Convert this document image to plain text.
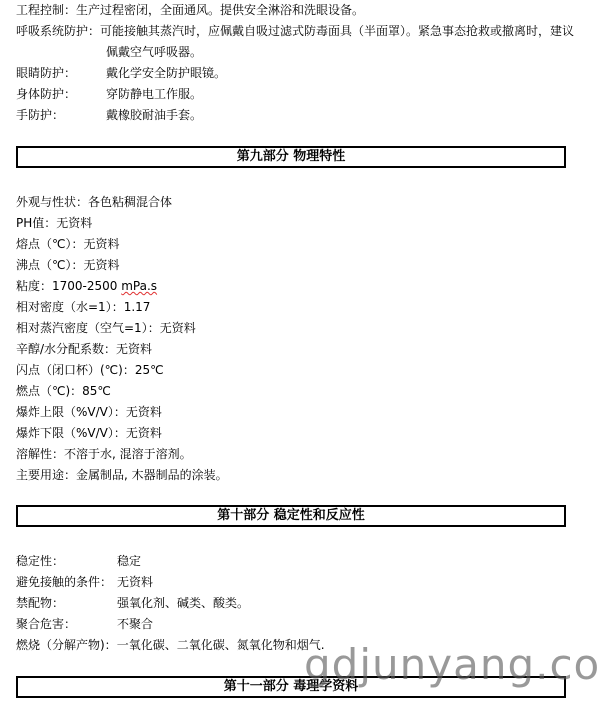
工程控制：生产过程密闭，全面通风。提供安全淋浴和洗眼设备。
呼吸系统防护：可能接触其蒸汽时，应佩戴自吸过滤式防毒面具（半面罩）。紧急事态抢救或撤离时，建议
佩戴空气呼吸器。
眼睛防护： 戴化学安全防护眼镜。
身体防护： 穿防静电工作服。
手防护：	戴橡胶耐油手套。
第九部分 物理特性
外观与性状：各色粘稠混合体
PH值：无资料
熔点（℃）：无资料
沸点（℃）：无资料
粘度：1700-2500 mPa.s
相对密度（水=1）：1.17
相对蒸汽密度（空气=1）：无资料
辛醇/水分配系数：无资料
闪点（闭口杯）(℃)：25℃
燃点（℃)：85℃
爆炸上限（%V/V）：无资料
爆炸下限（%V/V）：无资料
溶解性：不溶于水, 混溶于溶剂。
主要用途：金属制品, 木器制品的涂装。
第十部分 稳定性和反应性
稳定性：	稳定
避免接触的条件： 无资料
禁配物：	强氧化剂、碱类、酸类。
聚合危害：	不聚合
燃烧（分解产物)：一氧化碳、二氧化碳、氮氧化物和烟气.
第十一部分 毒理学资料
gdjunyang.co
